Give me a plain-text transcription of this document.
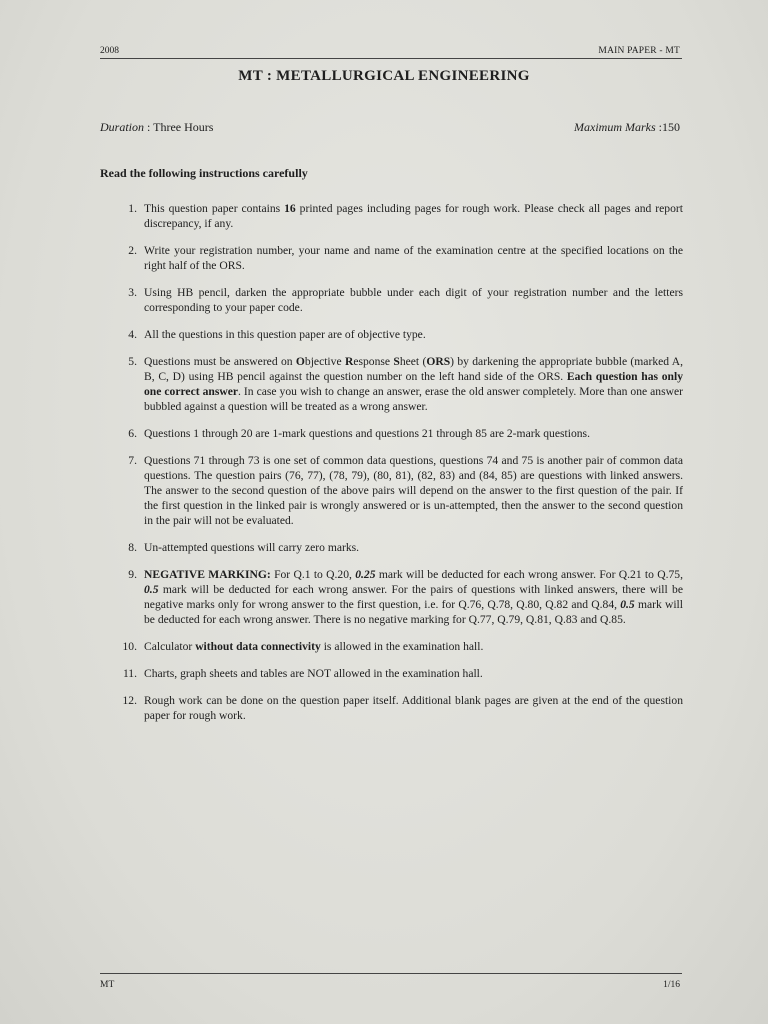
2008	MAIN PAPER - MT
MT : METALLURGICAL ENGINEERING
Duration : Three Hours	Maximum Marks :150
Read the following instructions carefully
1. This question paper contains 16 printed pages including pages for rough work. Please check all pages and report discrepancy, if any.
2. Write your registration number, your name and name of the examination centre at the specified locations on the right half of the ORS.
3. Using HB pencil, darken the appropriate bubble under each digit of your registration number and the letters corresponding to your paper code.
4. All the questions in this question paper are of objective type.
5. Questions must be answered on Objective Response Sheet (ORS) by darkening the appropriate bubble (marked A, B, C, D) using HB pencil against the question number on the left hand side of the ORS. Each question has only one correct answer. In case you wish to change an answer, erase the old answer completely. More than one answer bubbled against a question will be treated as a wrong answer.
6. Questions 1 through 20 are 1-mark questions and questions 21 through 85 are 2-mark questions.
7. Questions 71 through 73 is one set of common data questions, questions 74 and 75 is another pair of common data questions. The question pairs (76, 77), (78, 79), (80, 81), (82, 83) and (84, 85) are questions with linked answers. The answer to the second question of the above pairs will depend on the answer to the first question of the pair. If the first question in the linked pair is wrongly answered or is un-attempted, then the answer to the second question in the pair will not be evaluated.
8. Un-attempted questions will carry zero marks.
9. NEGATIVE MARKING: For Q.1 to Q.20, 0.25 mark will be deducted for each wrong answer. For Q.21 to Q.75, 0.5 mark will be deducted for each wrong answer. For the pairs of questions with linked answers, there will be negative marks only for wrong answer to the first question, i.e. for Q.76, Q.78, Q.80, Q.82 and Q.84, 0.5 mark will be deducted for each wrong answer. There is no negative marking for Q.77, Q.79, Q.81, Q.83 and Q.85.
10. Calculator without data connectivity is allowed in the examination hall.
11. Charts, graph sheets and tables are NOT allowed in the examination hall.
12. Rough work can be done on the question paper itself. Additional blank pages are given at the end of the question paper for rough work.
MT	1/16
